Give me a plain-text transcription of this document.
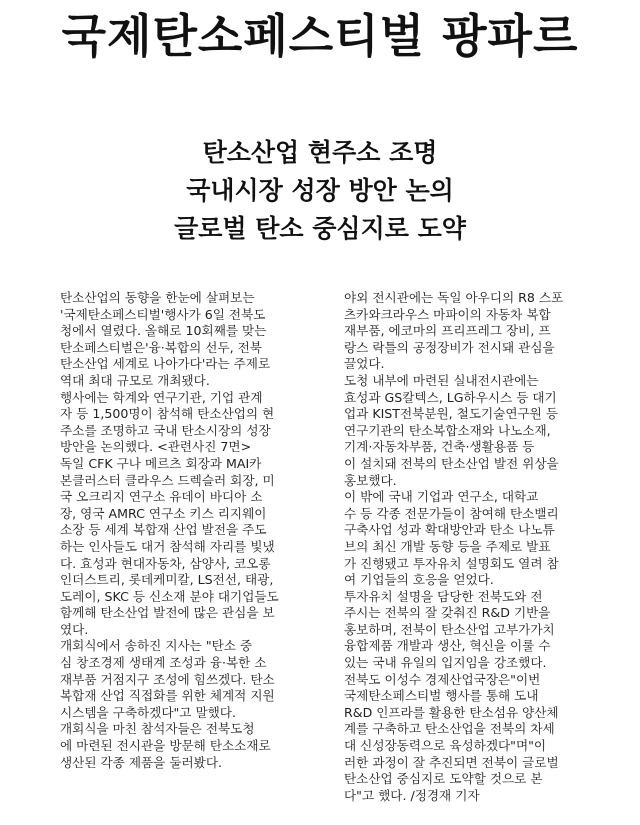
국제탄소페스티벌 팡파르
탄소산업 현주소 조명
국내시장 성장 방안 논의
글로벌 탄소 중심지로 도약

탄소산업의 동향을 한눈에 살펴보는
'국제탄소페스티벌'행사가 6일 전북도
청에서 열렸다. 올해로 10회째를 맞는
탄소페스티벌은'융·복합의 선두, 전북
탄소산업 세계로 나아가다'라는 주제로
역대 최대 규모로 개최됐다.

행사에는 학계와 연구기관, 기업 관계
자 등 1,500명이 참석해 탄소산업의 현
주소를 조명하고 국내 탄소시장의 성장
방안을 논의했다. <관련사진 7면>

독일 CFK 구나 메르츠 회장과 MAI카
본클러스터 클라우스 드렉슬러 회장, 미
국 오크리지 연구소 유데이 바디아 소
장, 영국 AMRC 연구소 키스 리지웨이
소장 등 세계 복합재 산업 발전을 주도
하는 인사들도 대거 참석해 자리를 빛냈
다. 효성과 현대자동차, 삼양사, 코오롱
인더스트리, 롯데케미칼, LS전선, 태광,
도레이, SKC 등 신소재 분야 대기업들도
함께해 탄소산업 발전에 많은 관심을 보
였다.

개회식에서 송하진 지사는 "탄소 중
심 창조경제 생태계 조성과 융·복한 소
재부품 거점지구 조성에 힘쓰겠다. 탄소
복합재 산업 직접화를 위한 체계적 지원
시스템을 구축하겠다"고 말했다.

개회식을 마친 참석자들은 전북도청
에 마련된 전시관을 방문해 탄소소재로
생산된 각종 제품을 둘러봤다.

야외 전시관에는 독일 아우디의 R8 스포
츠카와크라우스 마파이의 자동차 복합
재부품, 에코마의 프리프레그 장비, 프
랑스 락틀의 공정장비가 전시돼 관심을
끌었다.

도청 내부에 마련된 실내전시관에는
효성과 GS칼텍스, LG하우시스 등 대기
업과 KIST전북분원, 철도기술연구원 등
연구기관의 탄소복합소재와 나노소재,
기계·자동차부품, 건축·생활용품 등
이 설치돼 전북의 탄소산업 발전 위상을
홍보했다.

이 밖에 국내 기업과 연구소, 대학교
수 등 각종 전문가들이 참여해 탄소밸리
구축사업 성과 확대방안과 탄소 나노튜
브의 최신 개발 동향 등을 주제로 발표
가 진행됐고 투자유치 설명회도 열려 참
여 기업들의 호응을 얻었다.

투자유치 설명을 담당한 전북도와 전
주시는 전북의 잘 갖춰진 R&D 기반을
홍보하며, 전북이 탄소산업 고부가가치
융합제품 개발과 생산, 혁신을 이룰 수
있는 국내 유일의 입지임을 강조했다.

전북도 이성수 경제산업국장은"이번
국제탄소페스티벌 행사를 통해 도내
R&D 인프라를 활용한 탄소섬유 양산체
계를 구축하고 탄소산업을 전북의 차세
대 신성장동력으로 육성하겠다"며"이
러한 과정이 잘 추진되면 전북이 글로벌
탄소산업 중심지로 도약할 것으로 본
다"고 했다. /정경재 기자
